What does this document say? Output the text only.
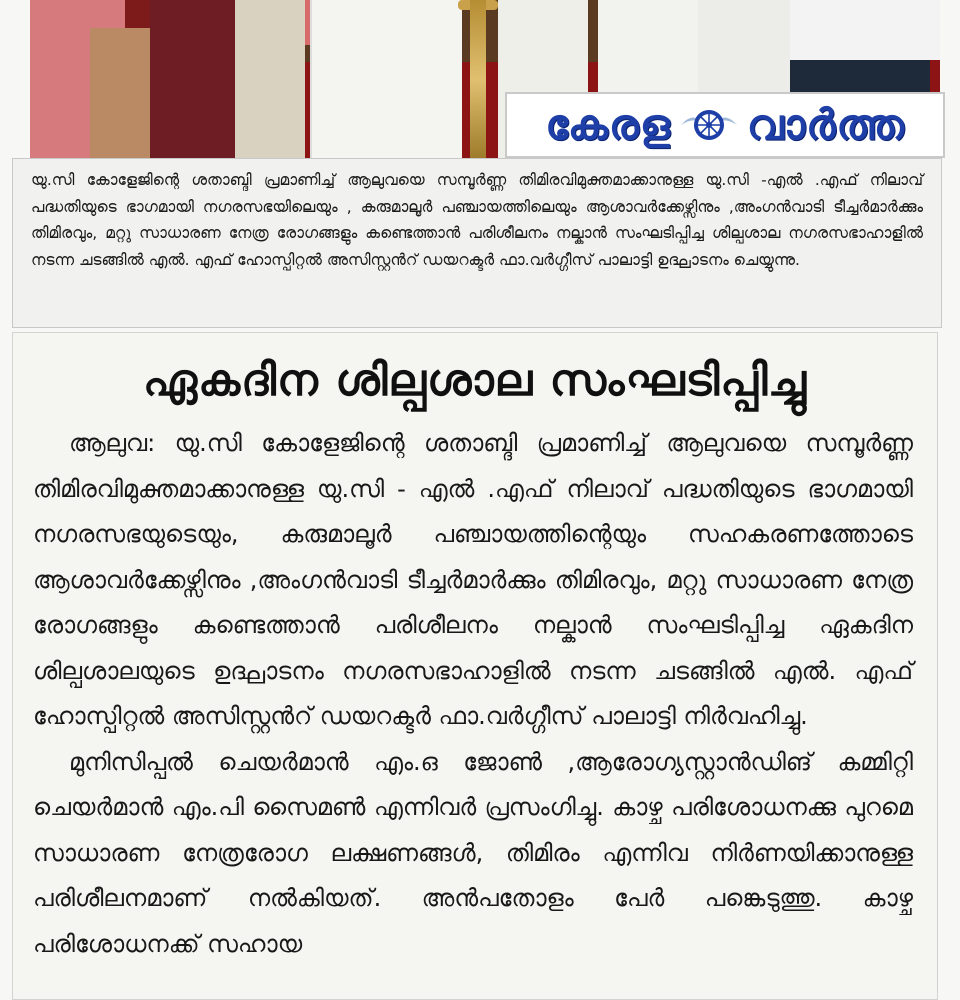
കേരള വാർത്ത

യു.സി കോളേജിന്റെ ശതാബ്ദി പ്രമാണിച്ച് ആലുവയെ സമ്പൂർണ്ണ തിമിരവിമുക്തമാക്കാനുള്ള യു.സി -എൽ .എഫ് നിലാവ് പദ്ധതിയുടെ ഭാഗമായി നഗരസഭയിലെയും , കരുമാലൂർ പഞ്ചായത്തിലെയും ആശാവർക്കേഴ്സിനും ,അംഗൻവാടി ടീച്ചർമാർക്കും തിമിരവും, മറ്റു സാധാരണ നേത്ര രോഗങ്ങളും കണ്ടെത്താൻ പരിശീലനം നല്കാൻ സംഘടിപ്പിച്ച ശില്പശാല നഗരസഭാഹാളിൽ നടന്ന ചടങ്ങിൽ എൽ. എഫ് ഹോസ്പിറ്റൽ അസിസ്റ്റൻറ് ഡയറക്ടർ ഫാ.വർഗ്ഗീസ് പാലാട്ടി ഉദ്ഘാടനം ചെയ്യുന്നു.

ഏകദിന ശില്പശാല സംഘടിപ്പിച്ചു

ആലുവ: യു.സി കോളേജിന്റെ ശതാബ്ദി പ്രമാണിച്ച് ആലുവയെ സമ്പൂർണ്ണ തിമിരവിമുക്തമാക്കാനുള്ള യു.സി - എൽ .എഫ് നിലാവ് പദ്ധതിയുടെ ഭാഗമായി നഗരസഭയുടെയും, കരുമാലൂർ പഞ്ചായത്തിന്റെയും സഹകരണത്തോടെ ആശാവർക്കേഴ്സിനും ,അംഗൻവാടി ടീച്ചർമാർക്കും തിമിരവും, മറ്റു സാധാരണ നേത്ര രോഗങ്ങളും കണ്ടെത്താൻ പരിശീലനം നല്കാൻ സംഘടിപ്പിച്ച ഏകദിന ശില്പശാലയുടെ ഉദ്ഘാടനം നഗരസഭാഹാളിൽ നടന്ന ചടങ്ങിൽ എൽ. എഫ് ഹോസ്പിറ്റൽ അസിസ്റ്റൻറ് ഡയറക്ടർ ഫാ.വർഗ്ഗീസ് പാലാട്ടി നിർവഹിച്ചു.

മുനിസിപ്പൽ ചെയർമാൻ എം.ഒ ജോൺ ,ആരോഗ്യസ്റ്റാൻഡിങ് കമ്മിറ്റി ചെയർമാൻ എം.പി സൈമൺ എന്നിവർ പ്രസംഗിച്ചു. കാഴ്ച പരിശോധനക്കു പുറമെ സാധാരണ നേത്രരോഗ ലക്ഷണങ്ങൾ, തിമിരം എന്നിവ നിർണയിക്കാനുള്ള പരിശീലനമാണ് നൽകിയത്. അൻപതോളം പേർ പങ്കെടുത്തു. കാഴ്ച പരിശോധനക്ക് സഹായ
